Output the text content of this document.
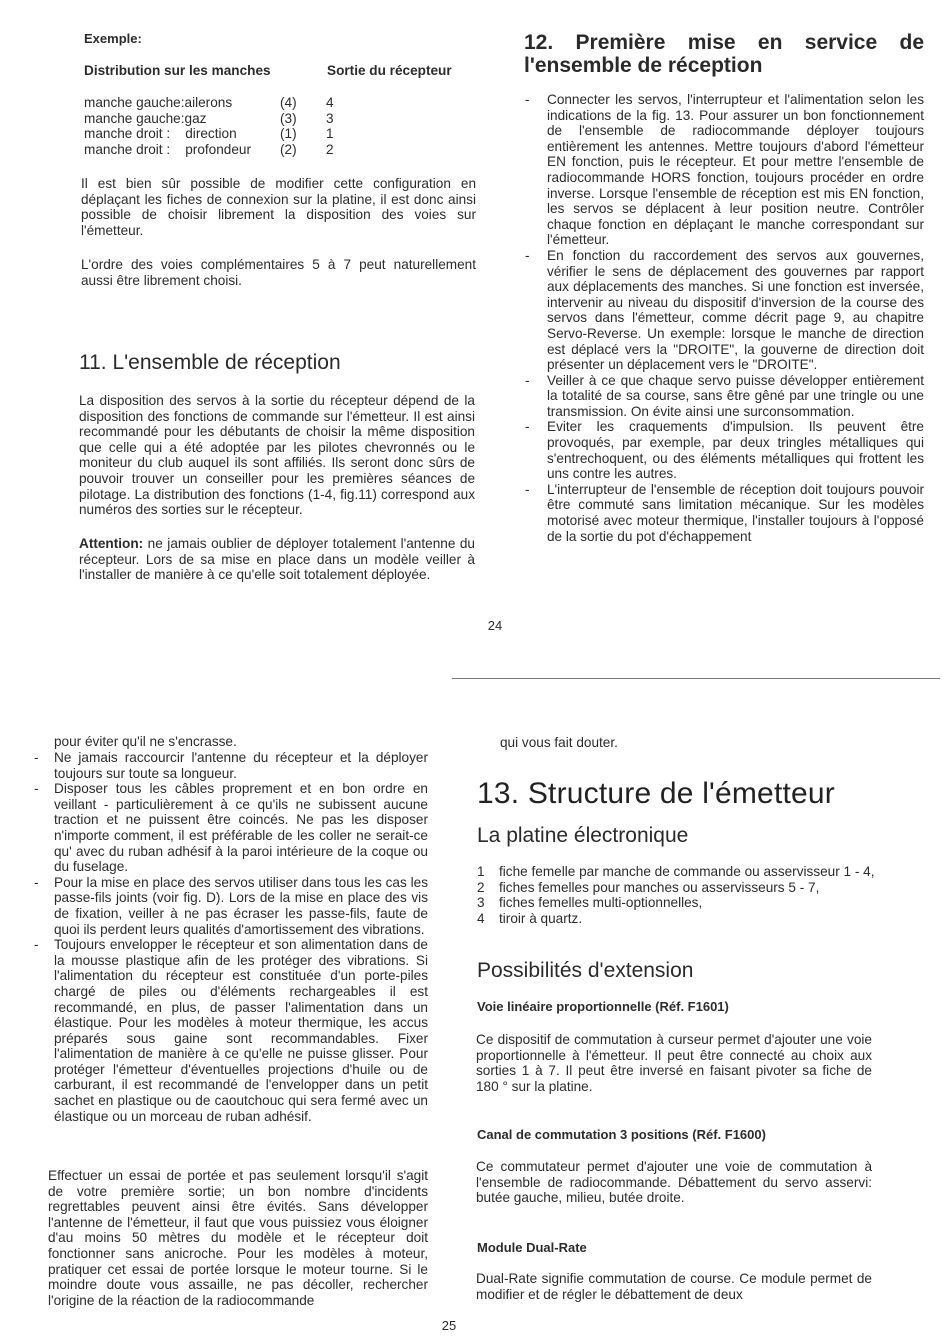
Exemple:
Distribution sur les manches	Sortie du récepteur
manche gauche:ailerons	(4)	4
manche gauche:gaz	(3)	3
manche droit :    direction	(1)	1
manche droit :    profondeur	(2)	2

Il est bien sûr possible de modifier cette configuration en déplaçant les fiches de connexion sur la platine, il est donc ainsi possible de choisir librement la disposition des voies sur l'émetteur.

L'ordre des voies complémentaires 5 à 7 peut naturellement aussi être librement choisi.

11. L'ensemble de réception

La disposition des servos à la sortie du récepteur dépend de la disposition des fonctions de commande sur l'émetteur. Il est ainsi recommandé pour les débutants de choisir la même disposition que celle qui a été adoptée par les pilotes chevronnés ou le moniteur du club auquel ils sont affiliés. Ils seront donc sûrs de pouvoir trouver un conseiller pour les premières séances de pilotage. La distribution des fonctions (1-4, fig.11) correspond aux numéros des sorties sur le récepteur.

Attention: ne jamais oublier de déployer totalement l'antenne du récepteur. Lors de sa mise en place dans un modèle veiller à l'installer de manière à ce qu'elle soit totalement déployée.

12. Première mise en service de l'ensemble de réception
- Connecter les servos, l'interrupteur et l'alimentation selon les indications de la fig. 13. Pour assurer un bon fonctionnement de l'ensemble de radiocommande déployer toujours entièrement les antennes. Mettre toujours d'abord l'émetteur EN fonction, puis le récepteur. Et pour mettre l'ensemble de radiocommande HORS fonction, toujours procéder en ordre inverse. Lorsque l'ensemble de réception est mis EN fonction, les servos se déplacent à leur position neutre. Contrôler chaque fonction en déplaçant le manche correspondant sur l'émetteur.
- En fonction du raccordement des servos aux gouvernes, vérifier le sens de déplacement des gouvernes par rapport aux déplacements des manches. Si une fonction est inversée, intervenir au niveau du dispositif d'inversion de la course des servos dans l'émetteur, comme décrit page 9, au chapitre Servo-Reverse. Un exemple: lorsque le manche de direction est déplacé vers la "DROITE", la gouverne de direction doit présenter un déplacement vers le "DROITE".
- Veiller à ce que chaque servo puisse développer entièrement la totalité de sa course, sans être gêné par une tringle ou une transmission. On évite ainsi une surconsommation.
- Eviter les craquements d'impulsion. Ils peuvent être provoqués, par exemple, par deux tringles métalliques qui s'entrechoquent, ou des éléments métalliques qui frottent les uns contre les autres.
- L'interrupteur de l'ensemble de réception doit toujours pouvoir être commuté sans limitation mécanique. Sur les modèles motorisé avec moteur thermique, l'installer toujours à l'opposé de la sortie du pot d'échappement
24
pour éviter qu'il ne s'encrasse.
- Ne jamais raccourcir l'antenne du récepteur et la déployer toujours sur toute sa longueur.
- Disposer tous les câbles proprement et en bon ordre en veillant - particulièrement à ce qu'ils ne subissent aucune traction et ne puissent être coincés. Ne pas les disposer n'importe comment, il est préférable de les coller ne serait-ce qu' avec du ruban adhésif à la paroi intérieure de la coque ou du fuselage.
- Pour la mise en place des servos utiliser dans tous les cas les passe-fils joints (voir fig. D). Lors de la mise en place des vis de fixation, veiller à ne pas écraser les passe-fils, faute de quoi ils perdent leurs qualités d'amortissement des vibrations.
- Toujours envelopper le récepteur et son alimentation dans de la mousse plastique afin de les protéger des vibrations. Si l'alimentation du récepteur est constituée d'un porte-piles chargé de piles ou d'éléments rechargeables il est recommandé, en plus, de passer l'alimentation dans un élastique. Pour les modèles à moteur thermique, les accus préparés sous gaine sont recommandables. Fixer l'alimentation de manière à ce qu'elle ne puisse glisser. Pour protéger l'émetteur d'éventuelles projections d'huile ou de carburant, il est recommandé de l'envelopper dans un petit sachet en plastique ou de caoutchouc qui sera fermé avec un élastique ou un morceau de ruban adhésif.

Effectuer un essai de portée et pas seulement lorsqu'il s'agit de votre première sortie; un bon nombre d'incidents regrettables peuvent ainsi être évités. Sans développer l'antenne de l'émetteur, il faut que vous puissiez vous éloigner d'au moins 50 mètres du modèle et le récepteur doit fonctionner sans anicroche. Pour les modèles à moteur, pratiquer cet essai de portée lorsque le moteur tourne. Si le moindre doute vous assaille, ne pas décoller, rechercher l'origine de la réaction de la radiocommande

qui vous fait douter.
13. Structure de l'émetteur
La platine électronique
1 fiche femelle par manche de commande ou asservisseur 1 - 4,
2 fiches femelles pour manches ou asservisseurs 5 - 7,
3 fiches femelles multi-optionnelles,
4 tiroir à quartz.
Possibilités d'extension
Voie linéaire proportionnelle (Réf. F1601)

Ce dispositif de commutation à curseur permet d'ajouter une voie proportionnelle à l'émetteur. Il peut être connecté au choix aux sorties 1 à 7. Il peut être inversé en faisant pivoter sa fiche de 180 ° sur la platine.

Canal de commutation 3 positions (Réf. F1600)

Ce commutateur permet d'ajouter une voie de commutation à l'ensemble de radiocommande. Débattement du servo asservi: butée gauche, milieu, butée droite.

Module Dual-Rate

Dual-Rate signifie commutation de course. Ce module permet de modifier et de régler le débattement de deux

25
